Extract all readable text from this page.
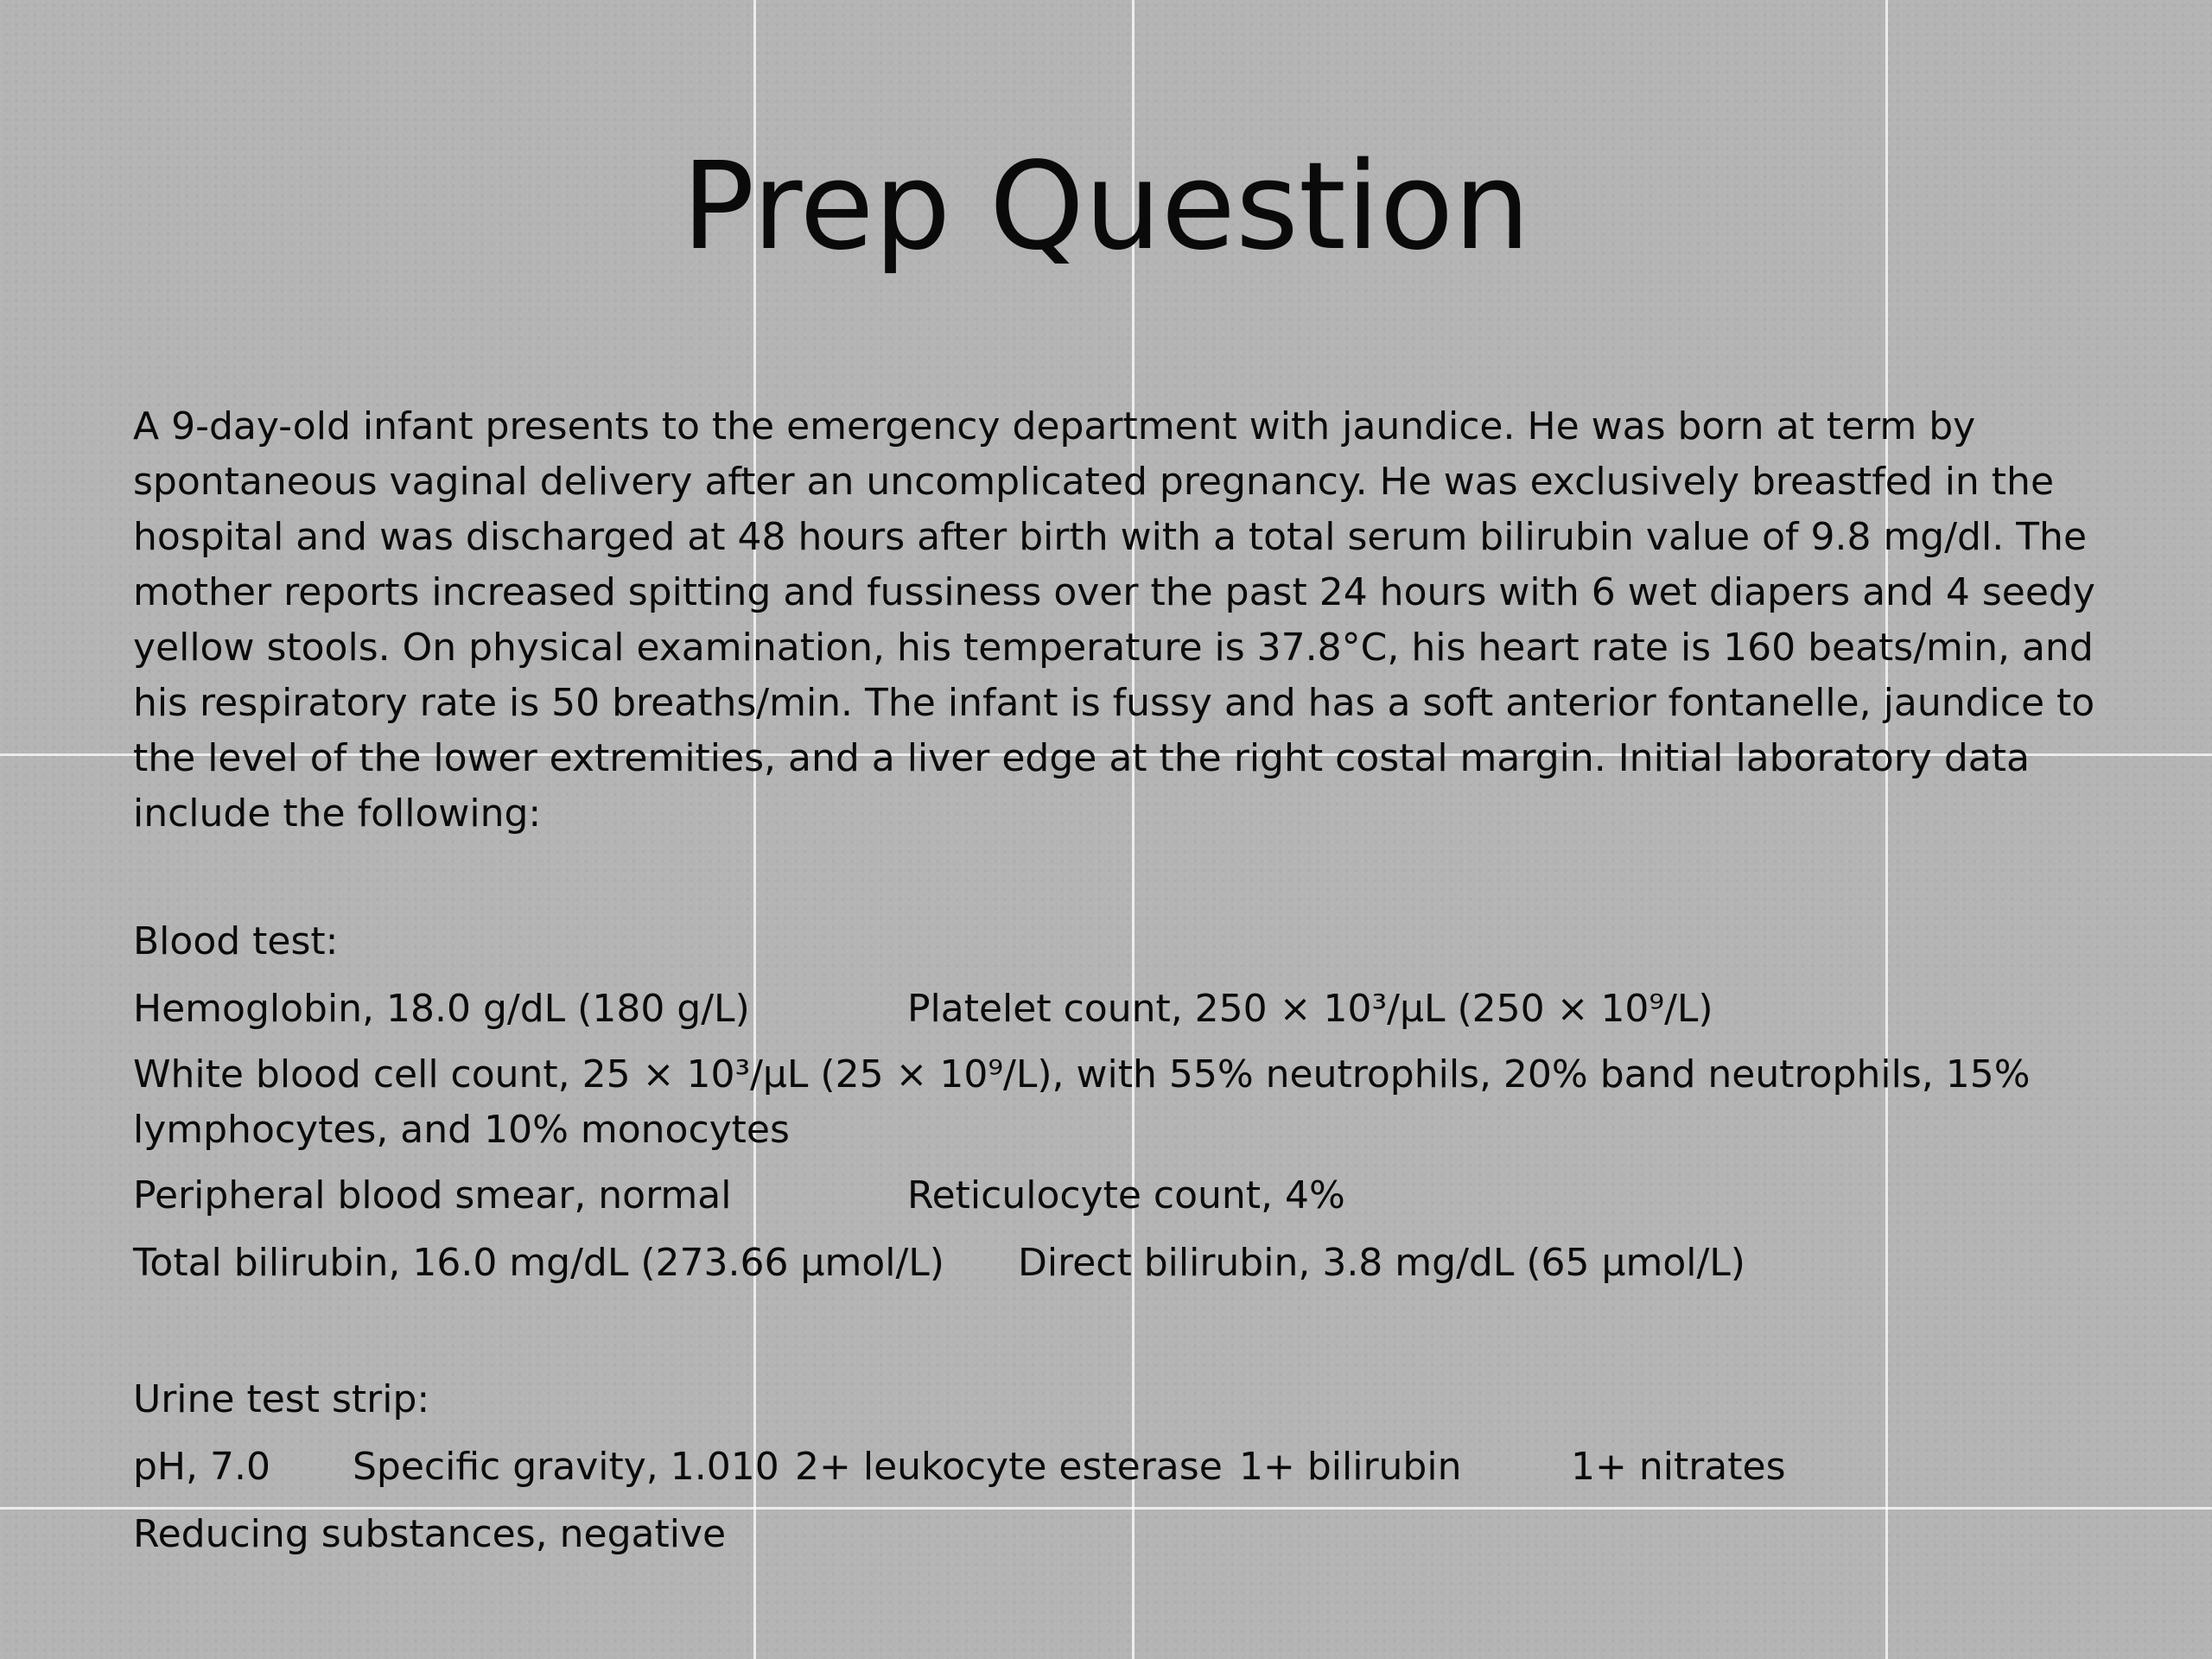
Prep Question
A 9-day-old infant presents to the emergency department with jaundice. He was born at term by
spontaneous vaginal delivery after an uncomplicated pregnancy. He was exclusively breastfed in the
hospital and was discharged at 48 hours after birth with a total serum bilirubin value of 9.8 mg/dl. The
mother reports increased spitting and fussiness over the past 24 hours with 6 wet diapers and 4 seedy
yellow stools. On physical examination, his temperature is 37.8°C, his heart rate is 160 beats/min, and
his respiratory rate is 50 breaths/min. The infant is fussy and has a soft anterior fontanelle, jaundice to
the level of the lower extremities, and a liver edge at the right costal margin. Initial laboratory data
include the following:
Blood test:
Hemoglobin, 18.0 g/dL (180 g/L)	Platelet count, 250 × 10³/μL (250 × 10⁹/L)
White blood cell count, 25 × 10³/μL (25 × 10⁹/L), with 55% neutrophils, 20% band neutrophils, 15%
lymphocytes, and 10% monocytes
Peripheral blood smear, normal	Reticulocyte count, 4%
Total bilirubin, 16.0 mg/dL (273.66 μmol/L) Direct bilirubin, 3.8 mg/dL (65 μmol/L)
Urine test strip:
pH, 7.0 Specific gravity, 1.010 2+ leukocyte esterase 1+ bilirubin	1+ nitrates
Reducing substances, negative
